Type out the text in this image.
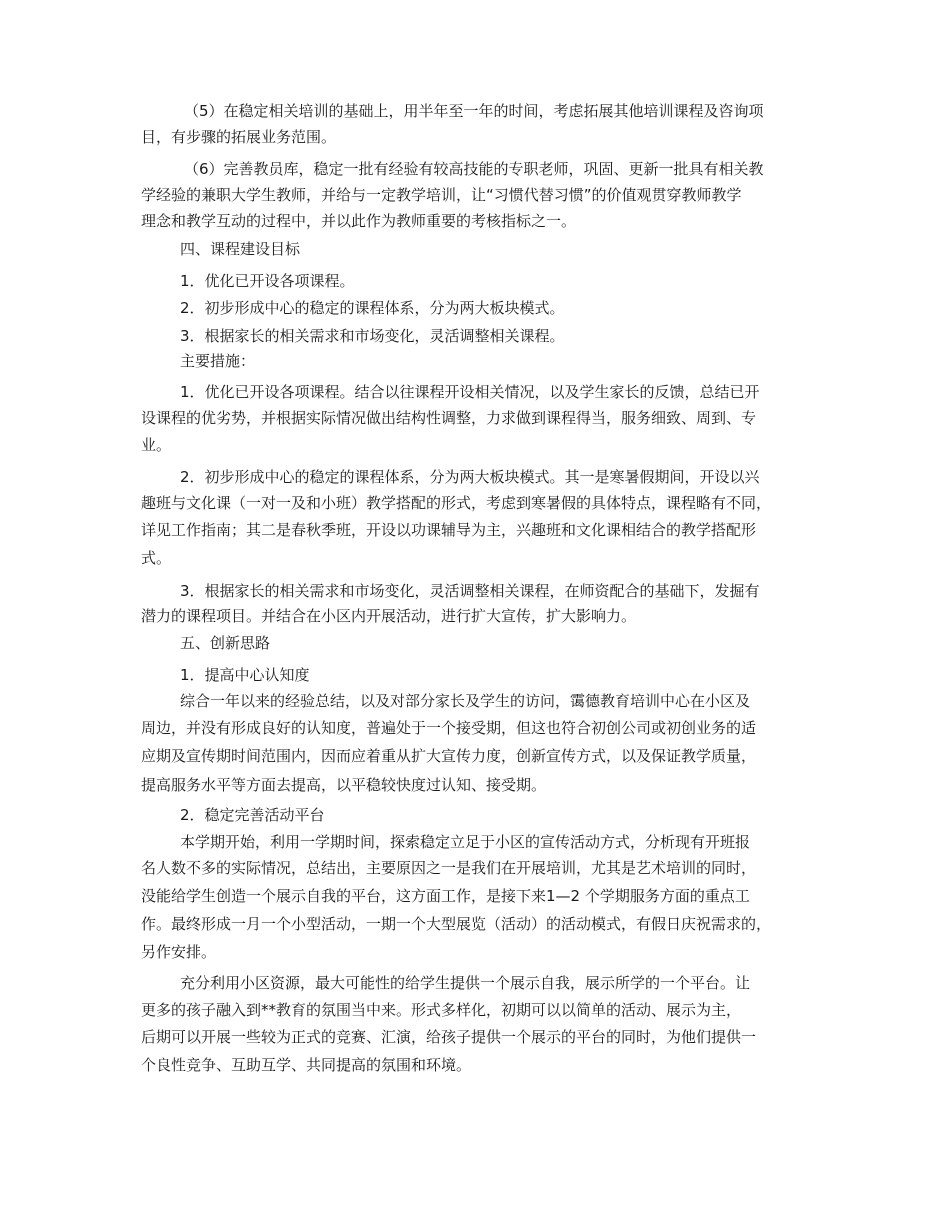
（5）在稳定相关培训的基础上，用半年至一年的时间，考虑拓展其他培训课程及咨询项
目，有步骤的拓展业务范围。
（6）完善教员库，稳定一批有经验有较高技能的专职老师，巩固、更新一批具有相关教
学经验的兼职大学生教师，并给与一定教学培训，让“习惯代替习惯”的价值观贯穿教师教学
理念和教学互动的过程中，并以此作为教师重要的考核指标之一。
四、课程建设目标
1．优化已开设各项课程。
2．初步形成中心的稳定的课程体系，分为两大板块模式。
3．根据家长的相关需求和市场变化，灵活调整相关课程。
主要措施：
1．优化已开设各项课程。结合以往课程开设相关情况，以及学生家长的反馈，总结已开
设课程的优劣势，并根据实际情况做出结构性调整，力求做到课程得当，服务细致、周到、专
业。
2．初步形成中心的稳定的课程体系，分为两大板块模式。其一是寒暑假期间，开设以兴
趣班与文化课（一对一及和小班）教学搭配的形式，考虑到寒暑假的具体特点，课程略有不同，
详见工作指南；其二是春秋季班，开设以功课辅导为主，兴趣班和文化课相结合的教学搭配形
式。
3．根据家长的相关需求和市场变化，灵活调整相关课程，在师资配合的基础下，发掘有
潜力的课程项目。并结合在小区内开展活动，进行扩大宣传，扩大影响力。
五、创新思路
1．提高中心认知度
综合一年以来的经验总结，以及对部分家长及学生的访问，霭德教育培训中心在小区及
周边，并没有形成良好的认知度，普遍处于一个接受期，但这也符合初创公司或初创业务的适
应期及宣传期时间范围内，因而应着重从扩大宣传力度，创新宣传方式，以及保证教学质量，
提高服务水平等方面去提高，以平稳较快度过认知、接受期。
2．稳定完善活动平台
本学期开始，利用一学期时间，探索稳定立足于小区的宣传活动方式，分析现有开班报
名人数不多的实际情况，总结出，主要原因之一是我们在开展培训，尤其是艺术培训的同时，
没能给学生创造一个展示自我的平台，这方面工作，是接下来1—2 个学期服务方面的重点工
作。最终形成一月一个小型活动，一期一个大型展览（活动）的活动模式，有假日庆祝需求的，
另作安排。
充分利用小区资源，最大可能性的给学生提供一个展示自我，展示所学的一个平台。让
更多的孩子融入到**教育的氛围当中来。形式多样化，初期可以以简单的活动、展示为主，
后期可以开展一些较为正式的竞赛、汇演，给孩子提供一个展示的平台的同时，为他们提供一
个良性竞争、互助互学、共同提高的氛围和环境。
